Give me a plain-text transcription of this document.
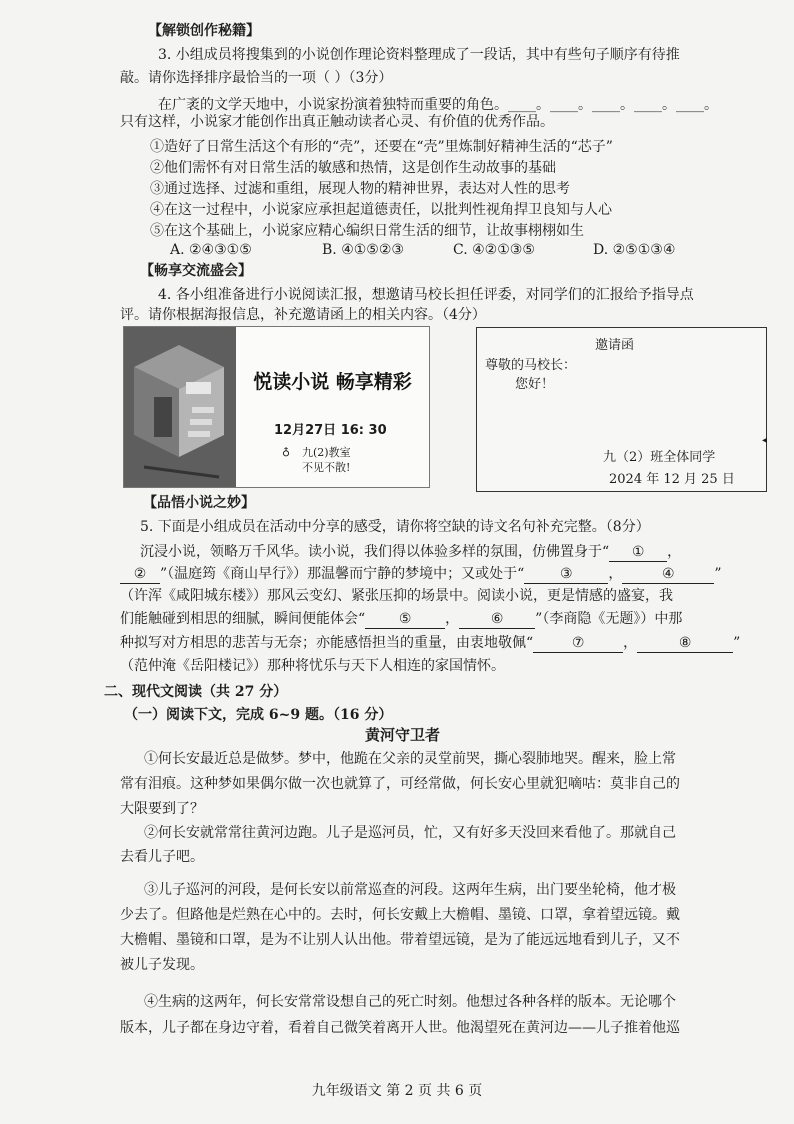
【解锁创作秘籍】
3. 小组成员将搜集到的小说创作理论资料整理成了一段话，其中有些句子顺序有待推
敲。请你选择排序最恰当的一项（ ）（3分）
在广袤的文学天地中，小说家扮演着独特而重要的角色。____。____。____。____。____。
只有这样，小说家才能创作出真正触动读者心灵、有价值的优秀作品。
①造好了日常生活这个有形的“壳”，还要在“壳”里炼制好精神生活的“芯子”
②他们需怀有对日常生活的敏感和热情，这是创作生动故事的基础
③通过选择、过滤和重组，展现人物的精神世界，表达对人性的思考
④在这一过程中，小说家应承担起道德责任，以批判性视角捍卫良知与人心
⑤在这个基础上，小说家应精心编织日常生活的细节，让故事栩栩如生
A. ②④③①⑤	B. ④①⑤②③	C. ④②①③⑤	D. ②⑤①③④
【畅享交流盛会】
4. 各小组准备进行小说阅读汇报，想邀请马校长担任评委，对同学们的汇报给予指导点
评。请你根据海报信息，补充邀请函上的相关内容。（4分）
悦读小说 畅享精彩
12月27日 16: 30
♁ 九(2)教室
不见不散!
邀请函
尊敬的马校长：
您好！
九（2）班全体同学
2024 年 12 月 25 日
◂
【品悟小说之妙】
5. 下面是小组成员在活动中分享的感受，请你将空缺的诗文名句补充完整。（8分）
沉浸小说，领略万千风华。读小说，我们得以体验多样的氛围，仿佛置身于“ ① ，
② ”（温庭筠《商山早行》）那温馨而宁静的梦境中；又或处于“	③	，	④	”
（许浑《咸阳城东楼》）那风云变幻、紧张压抑的场景中。阅读小说，更是情感的盛宴，我
们能触碰到相思的细腻，瞬间便能体会“ ⑤ ， ⑥ ”（李商隐《无题》）中那
种拟写对方相思的悲苦与无奈；亦能感悟担当的重量，由衷地敬佩“	⑦	，	⑧	”
（范仲淹《岳阳楼记》）那种将忧乐与天下人相连的家国情怀。
二、现代文阅读（共 27 分）
（一）阅读下文，完成 6~9 题。（16 分）
黄河守卫者
①何长安最近总是做梦。梦中，他跪在父亲的灵堂前哭，撕心裂肺地哭。醒来，脸上常
常有泪痕。这种梦如果偶尔做一次也就算了，可经常做，何长安心里就犯嘀咕：莫非自己的
大限要到了？
②何长安就常常往黄河边跑。儿子是巡河员，忙，又有好多天没回来看他了。那就自己
去看儿子吧。
③儿子巡河的河段，是何长安以前常巡查的河段。这两年生病，出门要坐轮椅，他才极
少去了。但路他是烂熟在心中的。去时，何长安戴上大檐帽、墨镜、口罩，拿着望远镜。戴
大檐帽、墨镜和口罩，是为不让别人认出他。带着望远镜，是为了能远远地看到儿子，又不
被儿子发现。
④生病的这两年，何长安常常设想自己的死亡时刻。他想过各种各样的版本。无论哪个
版本，儿子都在身边守着，看着自己微笑着离开人世。他渴望死在黄河边——儿子推着他巡
九年级语文 第 2 页 共 6 页
